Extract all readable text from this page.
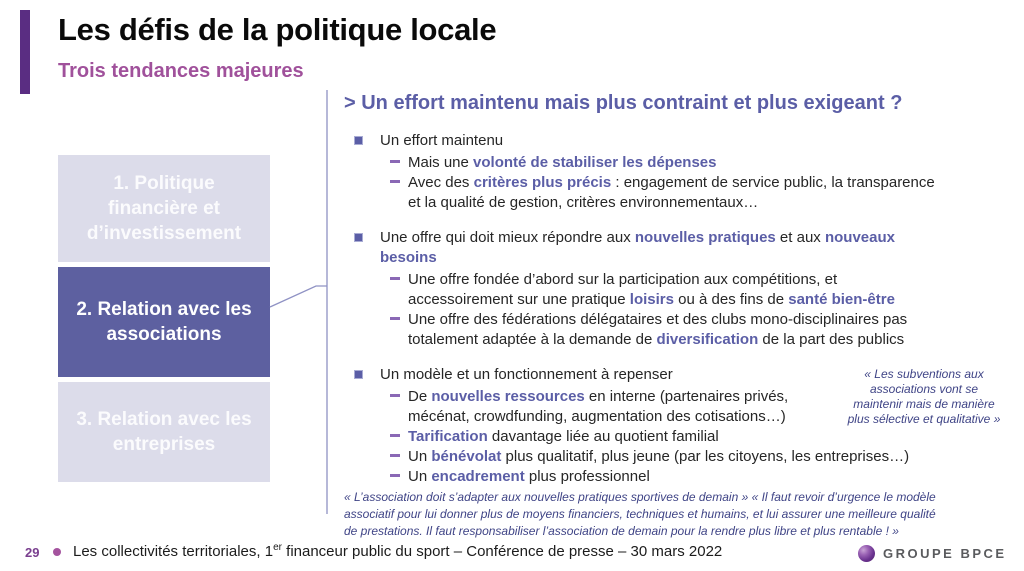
Les défis de la politique locale
Trois tendances majeures
1. Politique financière et d’investissement
2. Relation avec les associations
3. Relation avec les entreprises
> Un effort maintenu mais plus contraint et plus exigeant ?
Un effort maintenu
Mais une volonté de stabiliser les dépenses
Avec des critères plus précis : engagement de service public, la transparence et la qualité de gestion, critères environnementaux…
Une offre qui doit mieux répondre aux nouvelles pratiques et aux nouveaux besoins
Une offre fondée d’abord sur la participation aux compétitions, et accessoirement sur une pratique loisirs ou à des fins de santé bien-être
Une offre des fédérations délégataires et des clubs mono-disciplinaires pas totalement adaptée à la demande de diversification de la part des publics
« Les subventions aux associations vont se maintenir mais de manière plus sélective et qualitative »
Un modèle et un fonctionnement à repenser
De nouvelles ressources en interne (partenaires privés, mécénat, crowdfunding, augmentation des cotisations…)
Tarification davantage liée au quotient familial
Un bénévolat plus qualitatif, plus jeune (par les citoyens, les entreprises…)
Un encadrement plus professionnel
« L’association doit s’adapter aux nouvelles pratiques sportives de demain » « Il faut revoir d’urgence le modèle associatif pour lui donner plus de moyens financiers, techniques et humains, et lui assurer une meilleure qualité de prestations. Il faut responsabiliser l’association de demain pour la rendre plus libre et plus rentable ! »
29 Les collectivités territoriales, 1er financeur public du sport – Conférence de presse – 30 mars 2022	GROUPE BPCE
